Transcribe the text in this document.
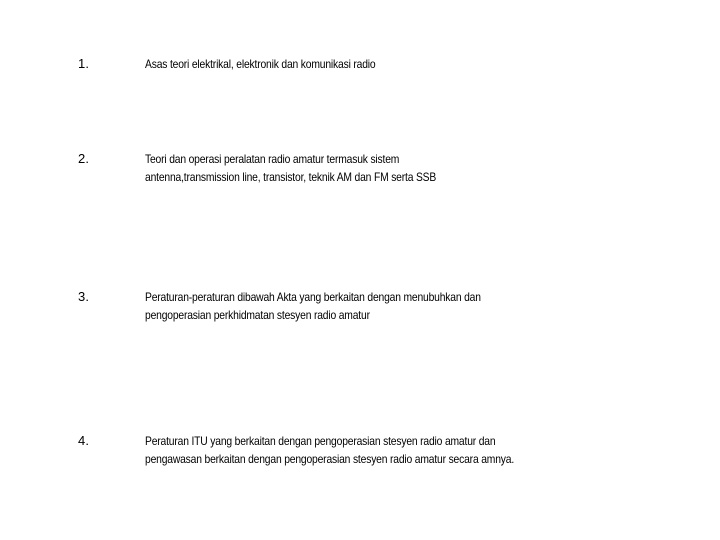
1.	Asas teori elektrikal, elektronik dan komunikasi radio
2.	Teori dan operasi peralatan radio amatur termasuk sistem
antenna,transmission line, transistor, teknik AM dan FM serta SSB
3.	Peraturan-peraturan dibawah Akta yang berkaitan dengan menubuhkan dan
pengoperasian perkhidmatan stesyen radio amatur
4.	Peraturan ITU yang berkaitan dengan pengoperasian stesyen radio amatur dan
pengawasan berkaitan dengan pengoperasian stesyen radio amatur secara amnya.
